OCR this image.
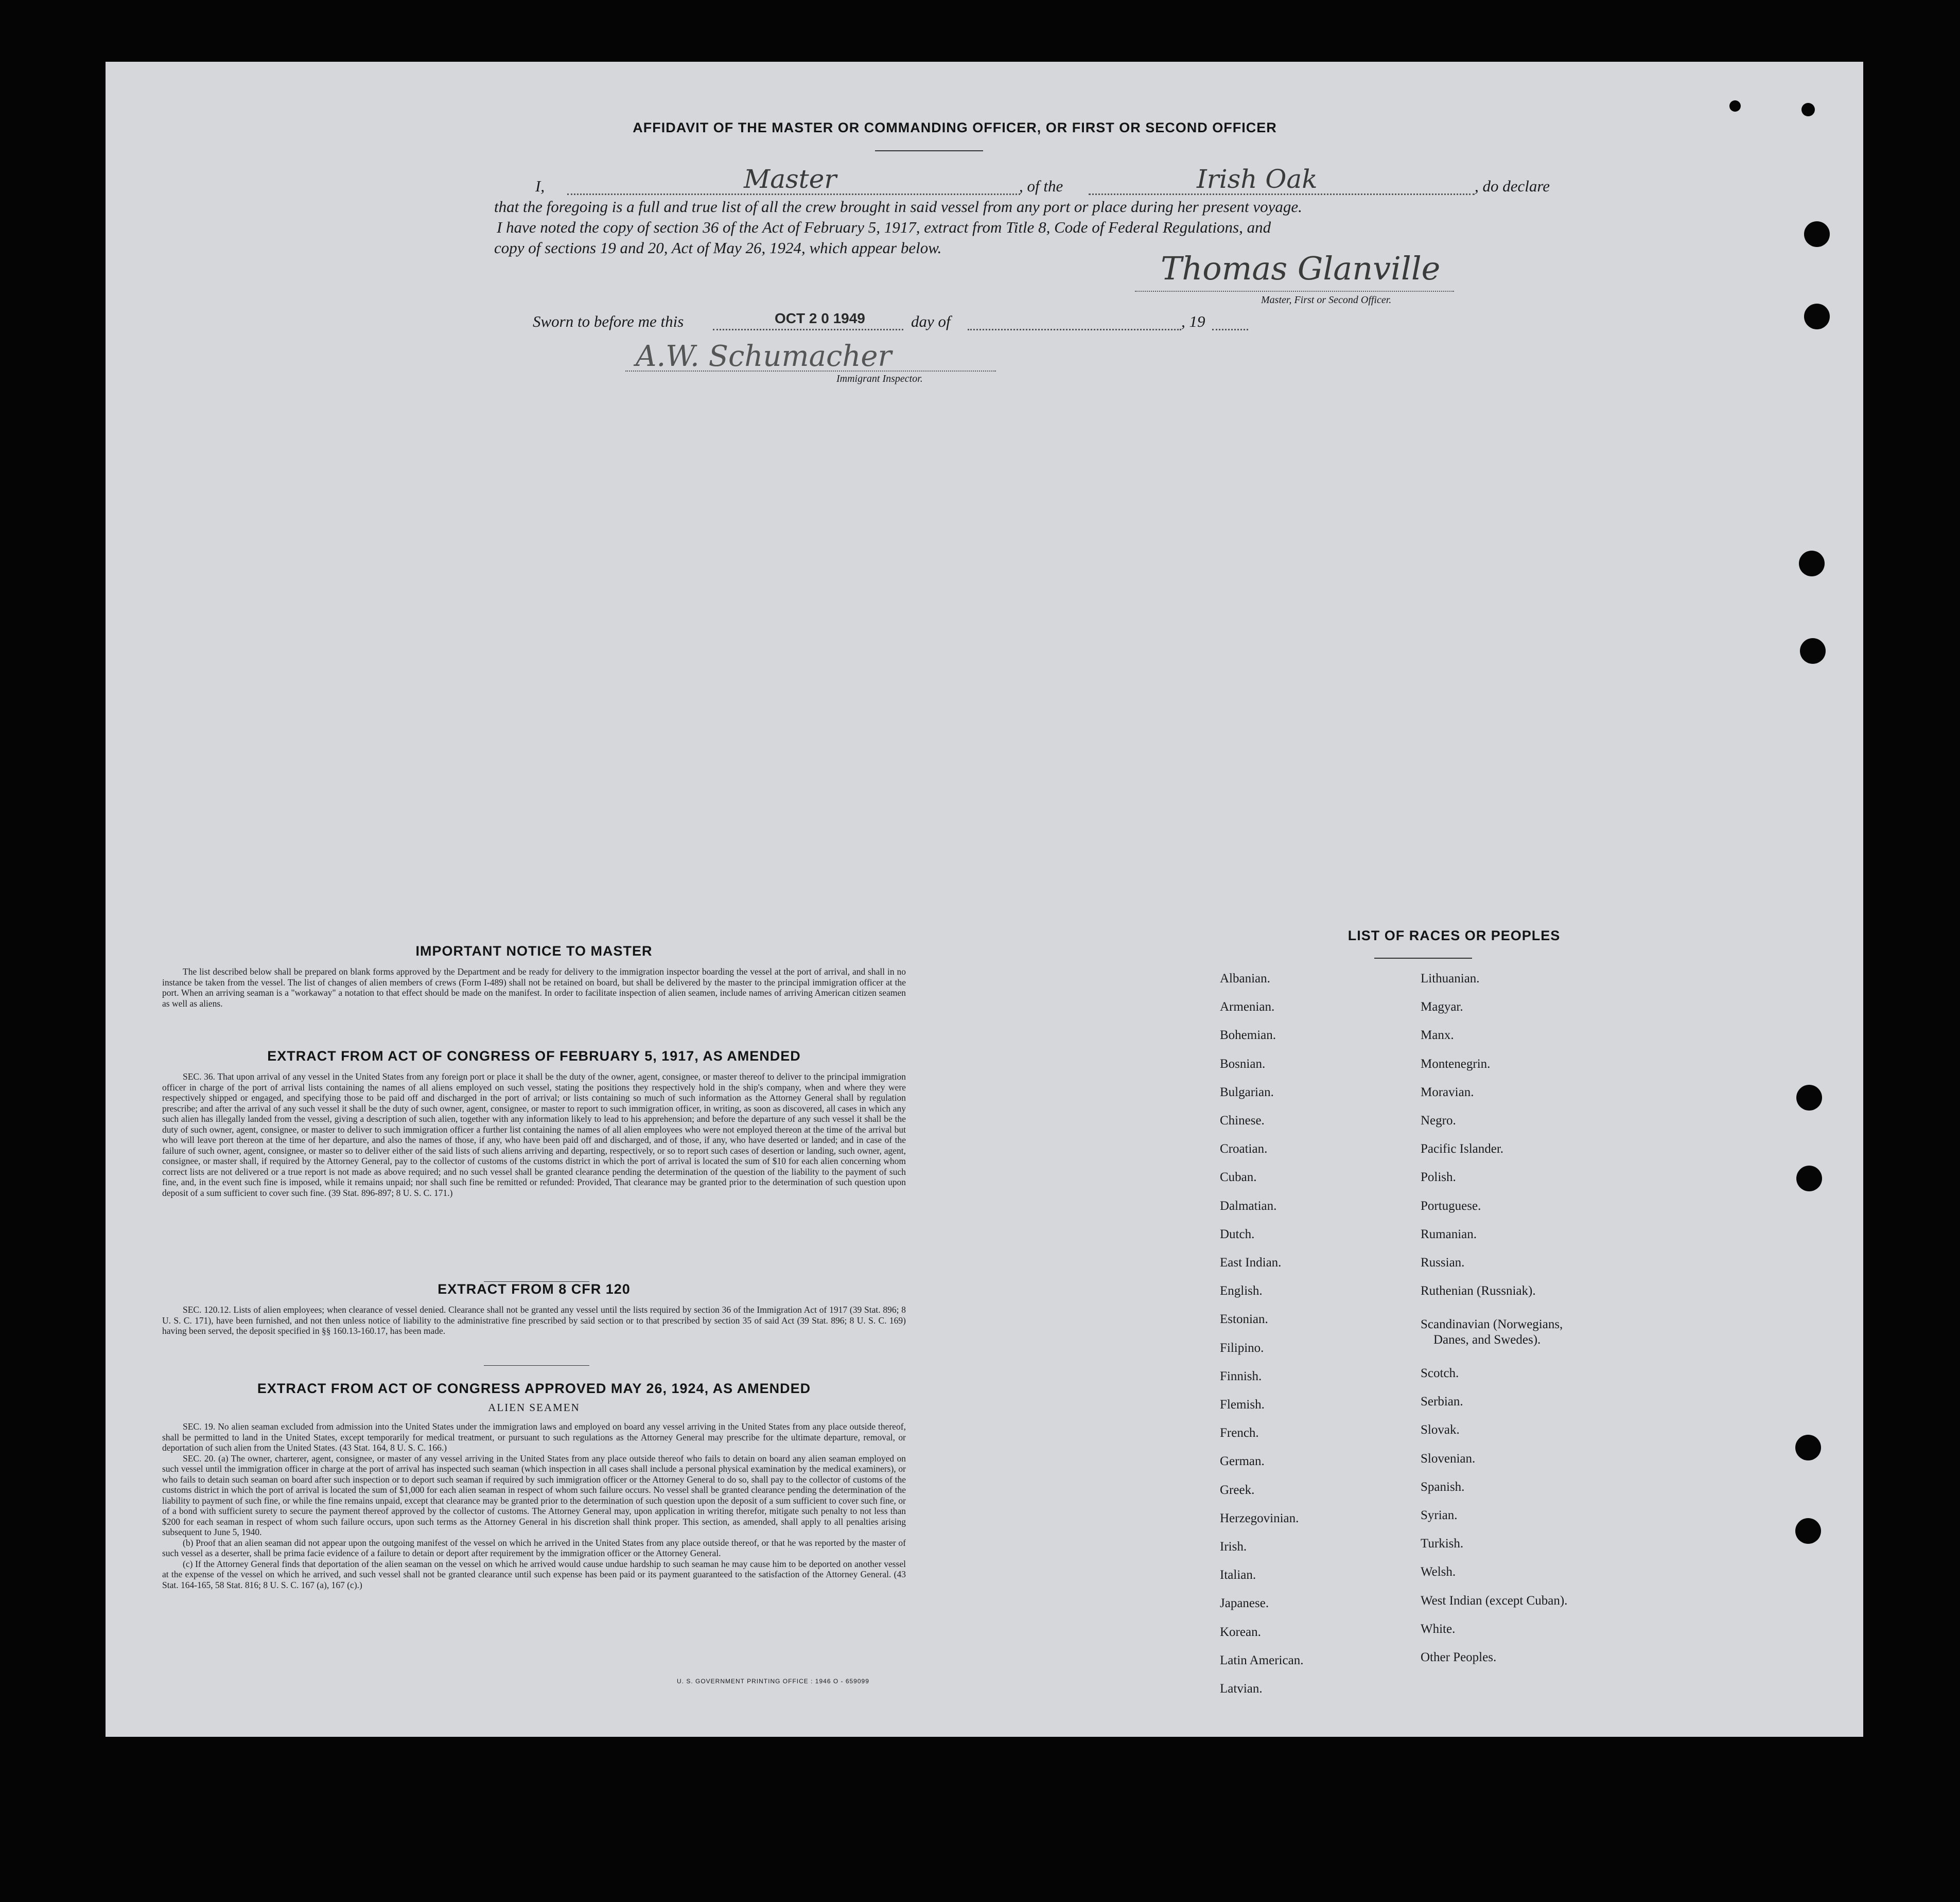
AFFIDAVIT OF THE MASTER OR COMMANDING OFFICER, OR FIRST OR SECOND OFFICER
I,	Master	, of the	Irish Oak	, do declare
that the foregoing is a full and true list of all the crew brought in said vessel from any port or place during her present voyage.
I have noted the copy of section 36 of the Act of February 5, 1917, extract from Title 8, Code of Federal Regulations, and
copy of sections 19 and 20, Act of May 26, 1924, which appear below.
Thomas Glanville
Master, First or Second Officer.
Sworn to before me this	OCT 2 0 1949	day of	, 19
A.W. Schumacher
Immigrant Inspector.
IMPORTANT NOTICE TO MASTER
The list described below shall be prepared on blank forms approved by the Department and be ready for delivery to the immigration inspector boarding the vessel at the port of arrival, and shall in no instance be taken from the vessel. The list of changes of alien members of crews (Form I-489) shall not be retained on board, but shall be delivered by the master to the principal immigration officer at the port. When an arriving seaman is a "workaway" a notation to that effect should be made on the manifest. In order to facilitate inspection of alien seamen, include names of arriving American citizen seamen as well as aliens.
EXTRACT FROM ACT OF CONGRESS OF FEBRUARY 5, 1917, AS AMENDED
SEC. 36. That upon arrival of any vessel in the United States from any foreign port or place it shall be the duty of the owner, agent, consignee, or master thereof to deliver to the principal immigration officer in charge of the port of arrival lists containing the names of all aliens employed on such vessel, stating the positions they respectively hold in the ship's company, when and where they were respectively shipped or engaged, and specifying those to be paid off and discharged in the port of arrival; or lists containing so much of such information as the Attorney General shall by regulation prescribe; and after the arrival of any such vessel it shall be the duty of such owner, agent, consignee, or master to report to such immigration officer, in writing, as soon as discovered, all cases in which any such alien has illegally landed from the vessel, giving a description of such alien, together with any information likely to lead to his apprehension; and before the departure of any such vessel it shall be the duty of such owner, agent, consignee, or master to deliver to such immigration officer a further list containing the names of all alien employees who were not employed thereon at the time of the arrival but who will leave port thereon at the time of her departure, and also the names of those, if any, who have been paid off and discharged, and of those, if any, who have deserted or landed; and in case of the failure of such owner, agent, consignee, or master so to deliver either of the said lists of such aliens arriving and departing, respectively, or so to report such cases of desertion or landing, such owner, agent, consignee, or master shall, if required by the Attorney General, pay to the collector of customs of the customs district in which the port of arrival is located the sum of $10 for each alien concerning whom correct lists are not delivered or a true report is not made as above required; and no such vessel shall be granted clearance pending the determination of the question of the liability to the payment of such fine, and, in the event such fine is imposed, while it remains unpaid; nor shall such fine be remitted or refunded: Provided, That clearance may be granted prior to the determination of such question upon deposit of a sum sufficient to cover such fine. (39 Stat. 896-897; 8 U. S. C. 171.)
EXTRACT FROM 8 CFR 120
SEC. 120.12. Lists of alien employees; when clearance of vessel denied. Clearance shall not be granted any vessel until the lists required by section 36 of the Immigration Act of 1917 (39 Stat. 896; 8 U. S. C. 171), have been furnished, and not then unless notice of liability to the administrative fine prescribed by said section or to that prescribed by section 35 of said Act (39 Stat. 896; 8 U. S. C. 169) having been served, the deposit specified in §§ 160.13-160.17, has been made.
EXTRACT FROM ACT OF CONGRESS APPROVED MAY 26, 1924, AS AMENDED
ALIEN SEAMEN
SEC. 19. No alien seaman excluded from admission into the United States under the immigration laws and employed on board any vessel arriving in the United States from any place outside thereof, shall be permitted to land in the United States, except temporarily for medical treatment, or pursuant to such regulations as the Attorney General may prescribe for the ultimate departure, removal, or deportation of such alien from the United States. (43 Stat. 164, 8 U. S. C. 166.)
SEC. 20. (a) The owner, charterer, agent, consignee, or master of any vessel arriving in the United States from any place outside thereof who fails to detain on board any alien seaman employed on such vessel until the immigration officer in charge at the port of arrival has inspected such seaman (which inspection in all cases shall include a personal physical examination by the medical examiners), or who fails to detain such seaman on board after such inspection or to deport such seaman if required by such immigration officer or the Attorney General to do so, shall pay to the collector of customs of the customs district in which the port of arrival is located the sum of $1,000 for each alien seaman in respect of whom such failure occurs. No vessel shall be granted clearance pending the determination of the liability to payment of such fine, or while the fine remains unpaid, except that clearance may be granted prior to the determination of such question upon the deposit of a sum sufficient to cover such fine, or of a bond with sufficient surety to secure the payment thereof approved by the collector of customs. The Attorney General may, upon application in writing therefor, mitigate such penalty to not less than $200 for each seaman in respect of whom such failure occurs, upon such terms as the Attorney General in his discretion shall think proper. This section, as amended, shall apply to all penalties arising subsequent to June 5, 1940.
(b) Proof that an alien seaman did not appear upon the outgoing manifest of the vessel on which he arrived in the United States from any place outside thereof, or that he was reported by the master of such vessel as a deserter, shall be prima facie evidence of a failure to detain or deport after requirement by the immigration officer or the Attorney General.
(c) If the Attorney General finds that deportation of the alien seaman on the vessel on which he arrived would cause undue hardship to such seaman he may cause him to be deported on another vessel at the expense of the vessel on which he arrived, and such vessel shall not be granted clearance until such expense has been paid or its payment guaranteed to the satisfaction of the Attorney General. (43 Stat. 164-165, 58 Stat. 816; 8 U. S. C. 167 (a), 167 (c).)
U. S. GOVERNMENT PRINTING OFFICE : 1946 O - 659099
LIST OF RACES OR PEOPLES
Albanian.
Armenian.
Bohemian.
Bosnian.
Bulgarian.
Chinese.
Croatian.
Cuban.
Dalmatian.
Dutch.
East Indian.
English.
Estonian.
Filipino.
Finnish.
Flemish.
French.
German.
Greek.
Herzegovinian.
Irish.
Italian.
Japanese.
Korean.
Latin American.
Latvian.
Lithuanian.
Magyar.
Manx.
Montenegrin.
Moravian.
Negro.
Pacific Islander.
Polish.
Portuguese.
Rumanian.
Russian.
Ruthenian (Russniak).
Scandinavian (Norwegians,
Danes, and Swedes).
Scotch.
Serbian.
Slovak.
Slovenian.
Spanish.
Syrian.
Turkish.
Welsh.
West Indian (except Cuban).
White.
Other Peoples.
